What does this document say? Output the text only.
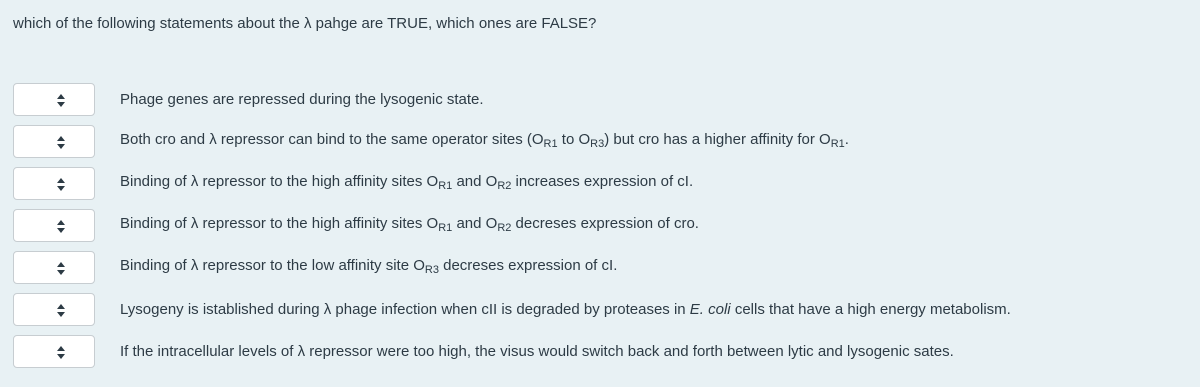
which of the following statements about the λ pahge are TRUE, which ones are FALSE?
Phage genes are repressed during the lysogenic state.
Both cro and λ repressor can bind to the same operator sites ($O_{R1}$ to $O_{R3}$) but cro has a higher affinity for $O_{R1}$.
Binding of λ repressor to the high affinity sites $O_{R1}$ and $O_{R2}$ increases expression of cI.
Binding of λ repressor to the high affinity sites $O_{R1}$ and $O_{R2}$ decreses expression of cro.
Binding of λ repressor to the low affinity site $O_{R3}$ decreses expression of cI.
Lysogeny is istablished during λ phage infection when cII is degraded by proteases in E. coli cells that have a high energy metabolism.
If the intracellular levels of λ repressor were too high, the visus would switch back and forth between lytic and lysogenic sates.
